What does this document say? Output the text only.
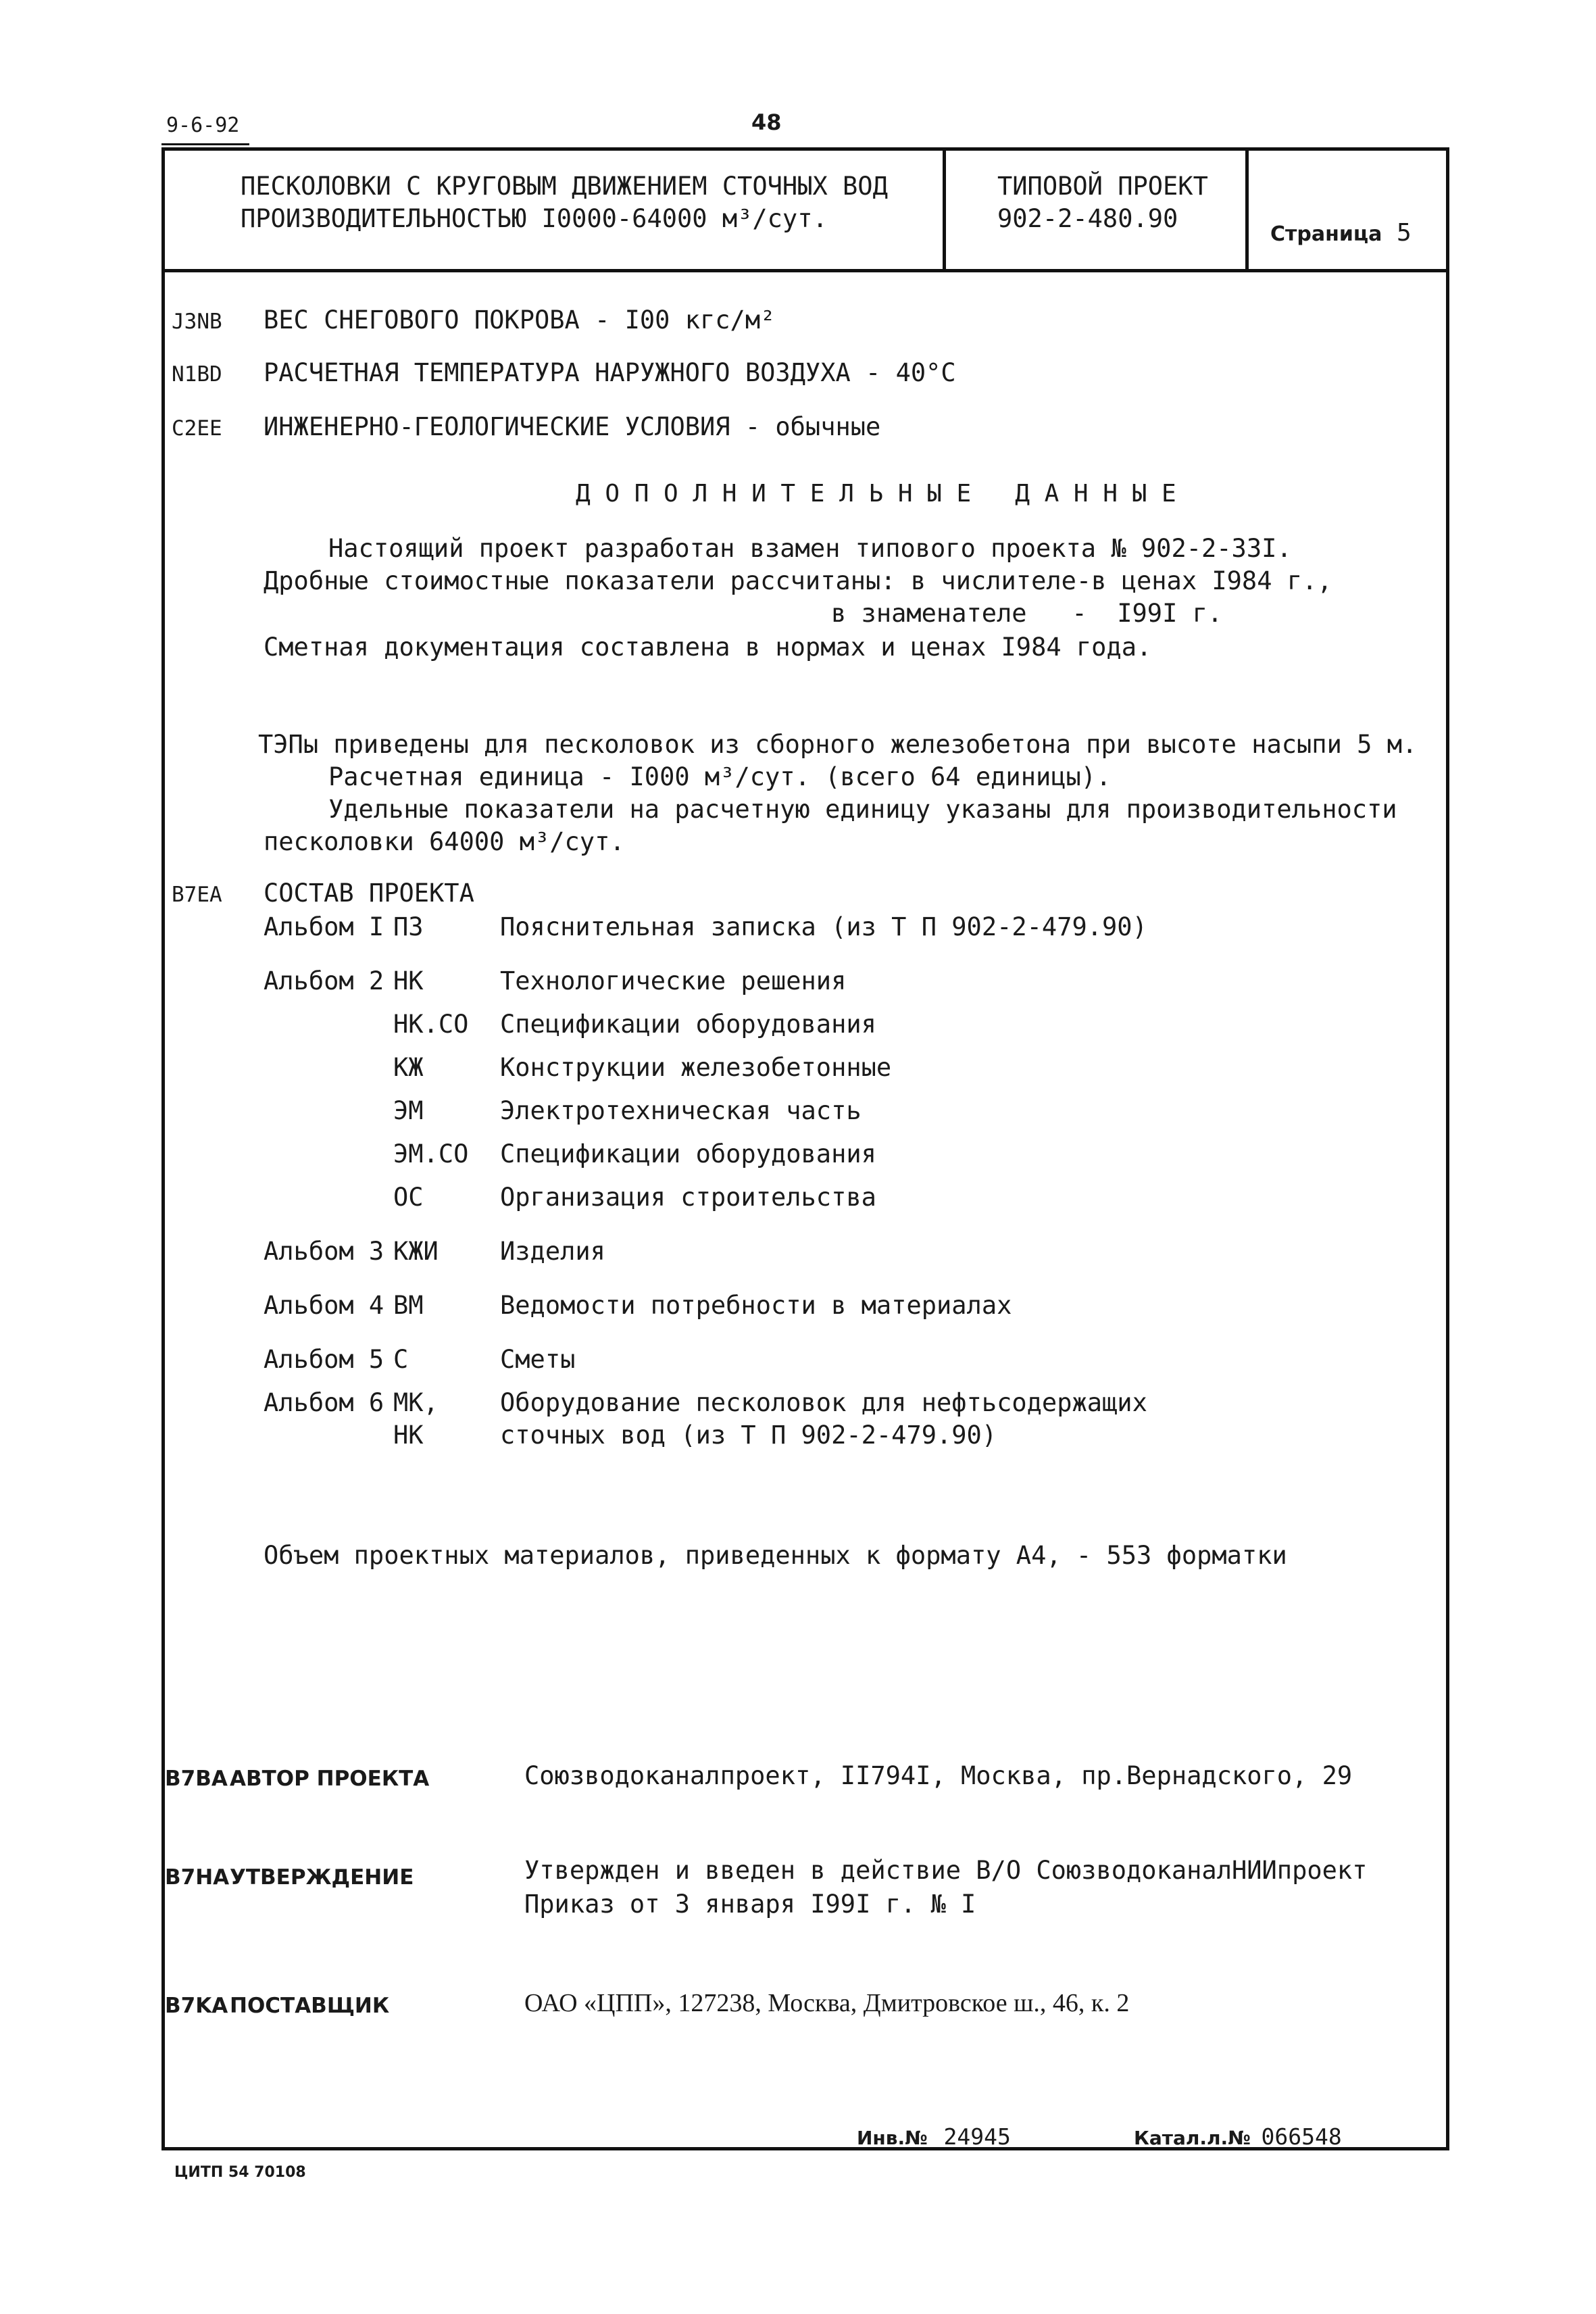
9-6-92	48
ПЕСКОЛОВКИ С КРУГОВЫМ ДВИЖЕНИЕМ СТОЧНЫХ ВОД
ПРОИЗВОДИТЕЛЬНОСТЬЮ I0000-64000 м³/сут.
ТИПОВОЙ ПРОЕКТ
902-2-480.90
Страница 5
J3NB ВЕС СНЕГОВОГО ПОКРОВА - I00 кгс/м²
N1BD РАСЧЕТНАЯ ТЕМПЕРАТУРА НАРУЖНОГО ВОЗДУХА - 40°С
C2EE ИНЖЕНЕРНО-ГЕОЛОГИЧЕСКИЕ УСЛОВИЯ - обычные
Д О П О Л Н И Т Е Л Ь Н Ы Е   Д А Н Н Ы Е
Настоящий проект разработан взамен типового проекта № 902-2-33I.
Дробные стоимостные показатели рассчитаны: в числителе-в ценах I984 г.,
в знаменателе   -  I99I г.
Сметная документация составлена в нормах и ценах I984 года.
ТЭПы приведены для песколовок из сборного железобетона при высоте насыпи 5 м.
Расчетная единица - I000 м³/сут. (всего 64 единицы).
Удельные показатели на расчетную единицу указаны для производительности
песколовки 64000 м³/сут.
B7EA СОСТАВ ПРОЕКТА
Альбом I ПЗ	Пояснительная записка (из Т П 902-2-479.90)
Альбом 2 НК	Технологические решения
НК.СО Спецификации оборудования
КЖ	Конструкции железобетонные
ЭМ	Электротехническая часть
ЭМ.СО Спецификации оборудования
ОС	Организация строительства
Альбом 3 КЖИ Изделия
Альбом 4 ВМ	Ведомости потребности в материалах
Альбом 5 С	Сметы
Альбом 6 МК, Оборудование песколовок для нефтьсодержащих
НК	сточных вод (из Т П 902-2-479.90)
Объем проектных материалов, приведенных к формату А4, - 553 форматки
B7BA АВТОР ПРОЕКТА	Союзводоканалпроект, II794I, Москва, пр.Вернадского, 29
B7HA УТВЕРЖДЕНИЕ	Утвержден и введен в действие В/О СоюзводоканалНИИпроект
Приказ от 3 января I99I г. № I
B7KA ПОСТАВЩИК	ОАО «ЦПП», 127238, Москва, Дмитровское ш., 46, к. 2
Инв.№ 24945	Катал.л.№ 066548
ЦИТП 54 70108
